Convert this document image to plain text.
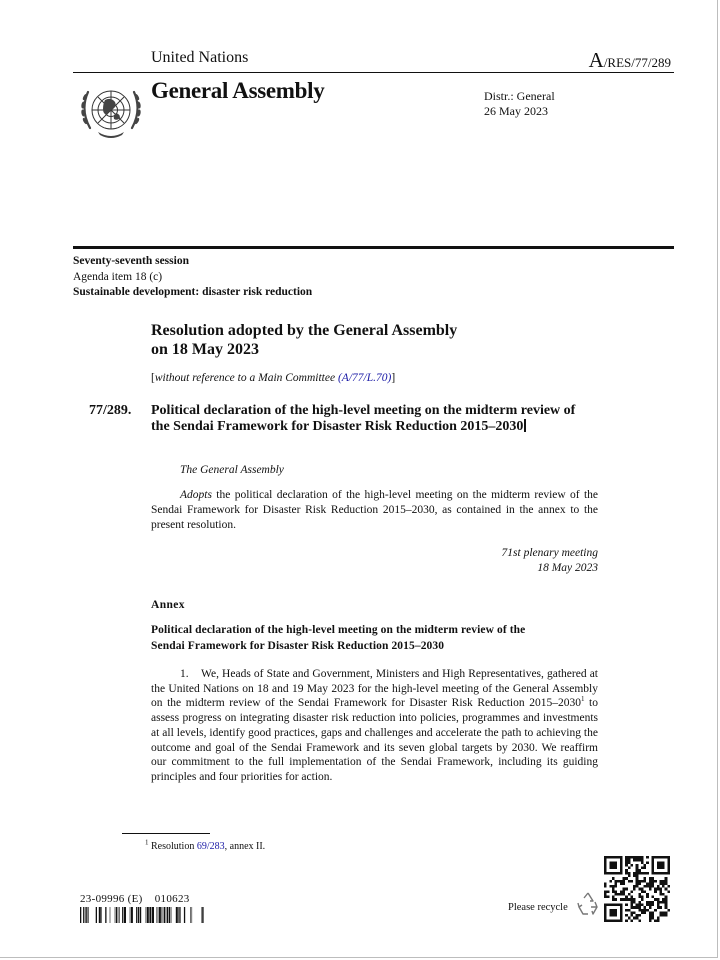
United Nations	A/RES/77/289
General Assembly	Distr.: General
26 May 2023
Seventy-seventh session
Agenda item 18 (c)
Sustainable development: disaster risk reduction
Resolution adopted by the General Assembly
on 18 May 2023
[without reference to a Main Committee (A/77/L.70)]
77/289. Political declaration of the high-level meeting on the midterm review of the Sendai Framework for Disaster Risk Reduction 2015–2030
The General Assembly
Adopts the political declaration of the high-level meeting on the midterm review of the Sendai Framework for Disaster Risk Reduction 2015–2030, as contained in the annex to the present resolution.
71st plenary meeting
18 May 2023
Annex
Political declaration of the high-level meeting on the midterm review of the
Sendai Framework for Disaster Risk Reduction 2015–2030
1.    We, Heads of State and Government, Ministers and High Representatives, gathered at the United Nations on 18 and 19 May 2023 for the high-level meeting of the General Assembly on the midterm review of the Sendai Framework for Disaster Risk Reduction 2015–2030$^1$ to assess progress on integrating disaster risk reduction into policies, programmes and investments at all levels, identify good practices, gaps and challenges and accelerate the path to achieving the outcome and goal of the Sendai Framework and its seven global targets by 2030. We reaffirm our commitment to the full implementation of the Sendai Framework, including its guiding principles and four priorities for action.
$^1$ Resolution 69/283, annex II.
23-09996 (E)    010623
Please recycle
